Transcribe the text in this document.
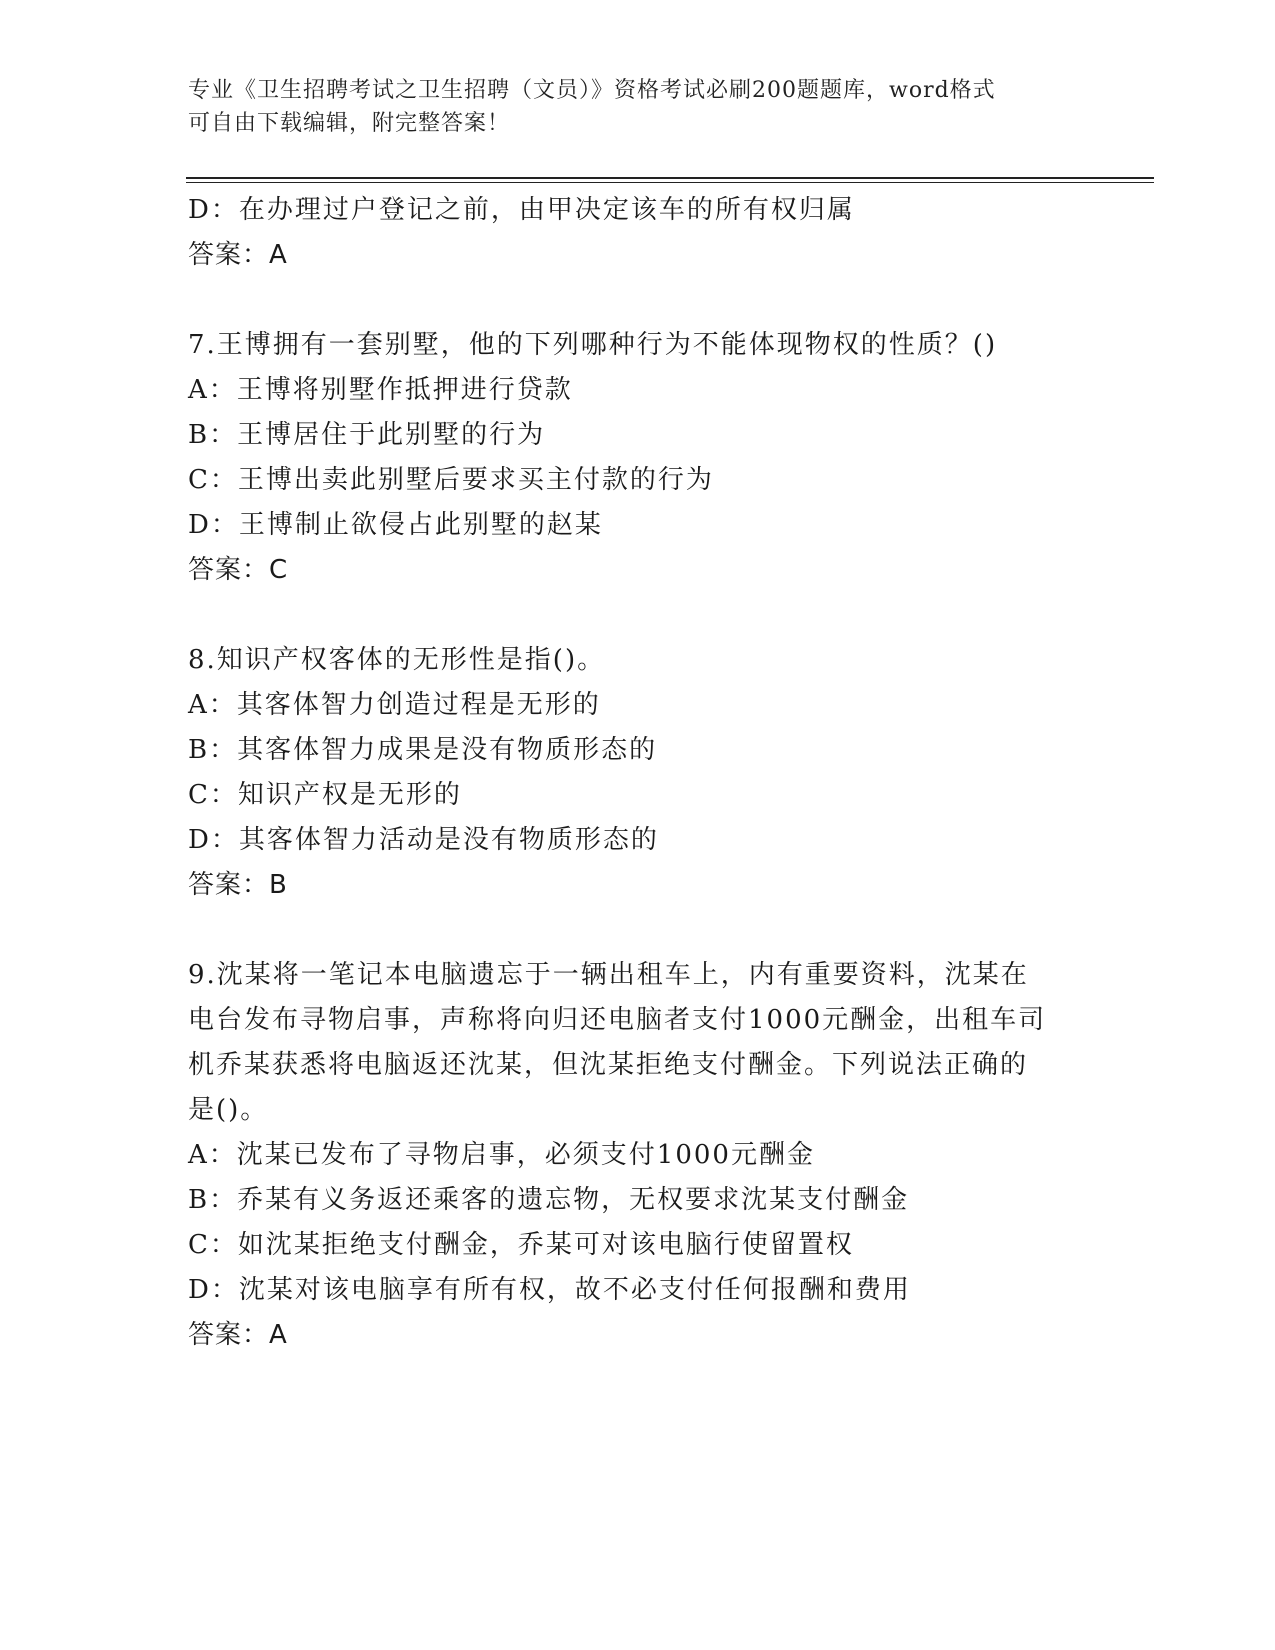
专业《卫生招聘考试之卫生招聘（文员）》资格考试必刷200题题库，word格式
可自由下载编辑，附完整答案！
D：在办理过户登记之前，由甲决定该车的所有权归属
答案：A
7.王博拥有一套别墅，他的下列哪种行为不能体现物权的性质？()
A：王博将别墅作抵押进行贷款
B：王博居住于此别墅的行为
C：王博出卖此别墅后要求买主付款的行为
D：王博制止欲侵占此别墅的赵某
答案：C
8.知识产权客体的无形性是指()。
A：其客体智力创造过程是无形的
B：其客体智力成果是没有物质形态的
C：知识产权是无形的
D：其客体智力活动是没有物质形态的
答案：B
9.沈某将一笔记本电脑遗忘于一辆出租车上，内有重要资料，沈某在
电台发布寻物启事，声称将向归还电脑者支付1000元酬金，出租车司
机乔某获悉将电脑返还沈某，但沈某拒绝支付酬金。下列说法正确的
是()。
A：沈某已发布了寻物启事，必须支付1000元酬金
B：乔某有义务返还乘客的遗忘物，无权要求沈某支付酬金
C：如沈某拒绝支付酬金，乔某可对该电脑行使留置权
D：沈某对该电脑享有所有权，故不必支付任何报酬和费用
答案：A
